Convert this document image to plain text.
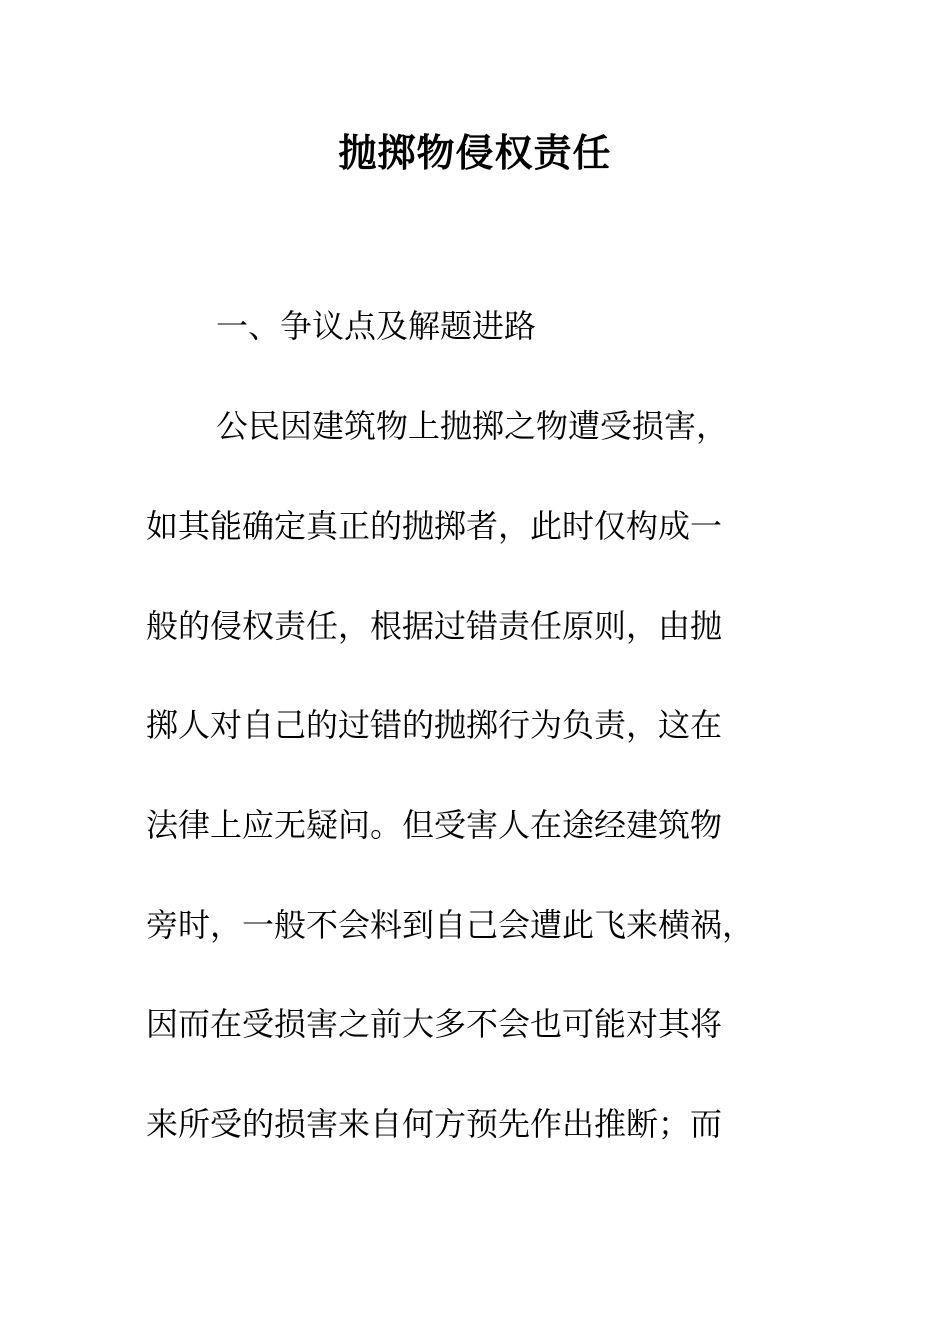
抛掷物侵权责任
一、争议点及解题进路
公民因建筑物上抛掷之物遭受损害，
如其能确定真正的抛掷者，此时仅构成一
般的侵权责任，根据过错责任原则，由抛
掷人对自己的过错的抛掷行为负责，这在
法律上应无疑问。但受害人在途经建筑物
旁时，一般不会料到自己会遭此飞来横祸，
因而在受损害之前大多不会也可能对其将
来所受的损害来自何方预先作出推断；而
